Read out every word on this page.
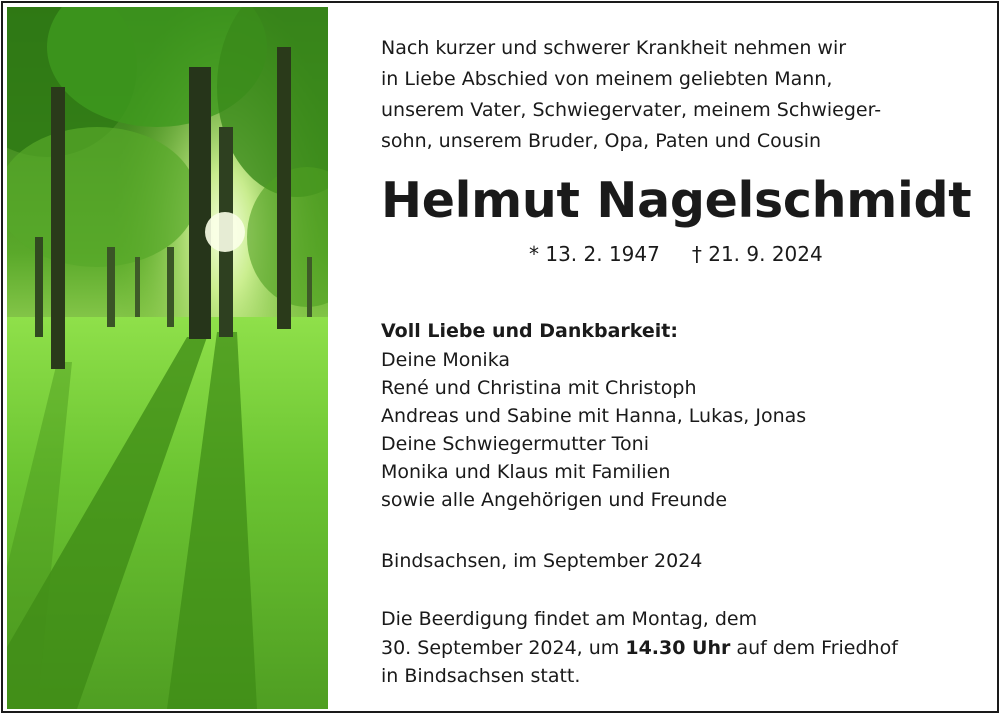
Nach kurzer und schwerer Krankheit nehmen wir
in Liebe Abschied von meinem geliebten Mann,
unserem Vater, Schwiegervater, meinem Schwieger-
sohn, unserem Bruder, Opa, Paten und Cousin
Helmut Nagelschmidt
* 13. 2. 1947 † 21. 9. 2024
Voll Liebe und Dankbarkeit:
Deine Monika
René und Christina mit Christoph
Andreas und Sabine mit Hanna, Lukas, Jonas
Deine Schwiegermutter Toni
Monika und Klaus mit Familien
sowie alle Angehörigen und Freunde
Bindsachsen, im September 2024
Die Beerdigung findet am Montag, dem
30. September 2024, um 14.30 Uhr auf dem Friedhof
in Bindsachsen statt.
